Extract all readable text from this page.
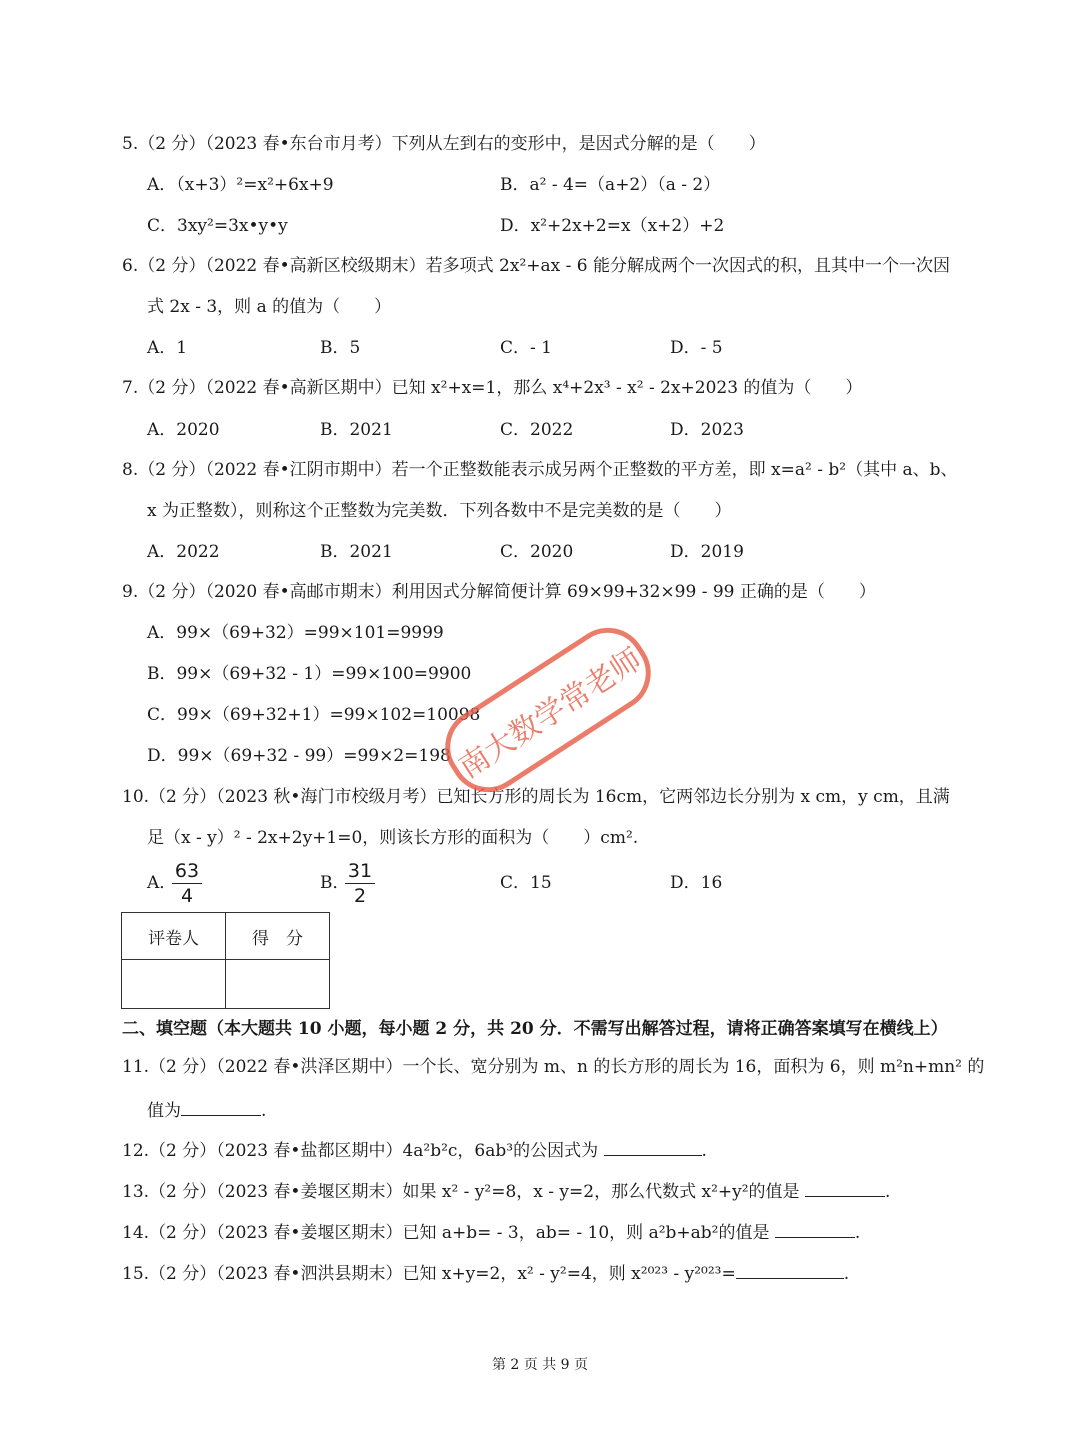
5.（2 分）（2023 春•东台市月考）下列从左到右的变形中，是因式分解的是（　　）
A．（x+3）²=x²+6x+9	B．a² - 4=（a+2）（a - 2）
C．3xy²=3x•y•y	D．x²+2x+2=x（x+2）+2
6.（2 分）（2022 春•高新区校级期末）若多项式 2x²+ax - 6 能分解成两个一次因式的积，且其中一个一次因
式 2x - 3，则 a 的值为（　　）
A．1	B．5	C．- 1	D．- 5
7.（2 分）（2022 春•高新区期中）已知 x²+x=1，那么 x⁴+2x³ - x² - 2x+2023 的值为（　　）
A．2020	B．2021	C．2022	D．2023
8.（2 分）（2022 春•江阴市期中）若一个正整数能表示成另两个正整数的平方差，即 x=a² - b²（其中 a、b、
x 为正整数），则称这个正整数为完美数．下列各数中不是完美数的是（　　）
A．2022	B．2021	C．2020	D．2019
9.（2 分）（2020 春•高邮市期末）利用因式分解简便计算 69×99+32×99 - 99 正确的是（　　）
A．99×（69+32）=99×101=9999
B．99×（69+32 - 1）=99×100=9900
C．99×（69+32+1）=99×102=10098
D．99×（69+32 - 99）=99×2=198
10.（2 分）（2023 秋•海门市校级月考）已知长方形的周长为 16cm，它两邻边长分别为 x cm，y cm，且满
足（x - y）² - 2x+2y+1=0，则该长方形的面积为（　　）cm².
A．
63
4
B．
31
2
C．15	D．16
评卷人	得　分

二、填空题（本大题共 10 小题，每小题 2 分，共 20 分．不需写出解答过程，请将正确答案填写在横线上）
11.（2 分）（2022 春•洪泽区期中）一个长、宽分别为 m、n 的长方形的周长为 16，面积为 6，则 m²n+mn² 的
值为	.
12.（2 分）（2023 春•盐都区期中）4a²b²c，6ab³的公因式为	.
13.（2 分）（2023 春•姜堰区期末）如果 x² - y²=8，x - y=2，那么代数式 x²+y²的值是	.
14.（2 分）（2023 春•姜堰区期末）已知 a+b= - 3，ab= - 10，则 a²b+ab²的值是	.
15.（2 分）（2023 春•泗洪县期末）已知 x+y=2，x² - y²=4，则 x²⁰²³ - y²⁰²³=	.
南大数学常老师
第 2 页 共 9 页
